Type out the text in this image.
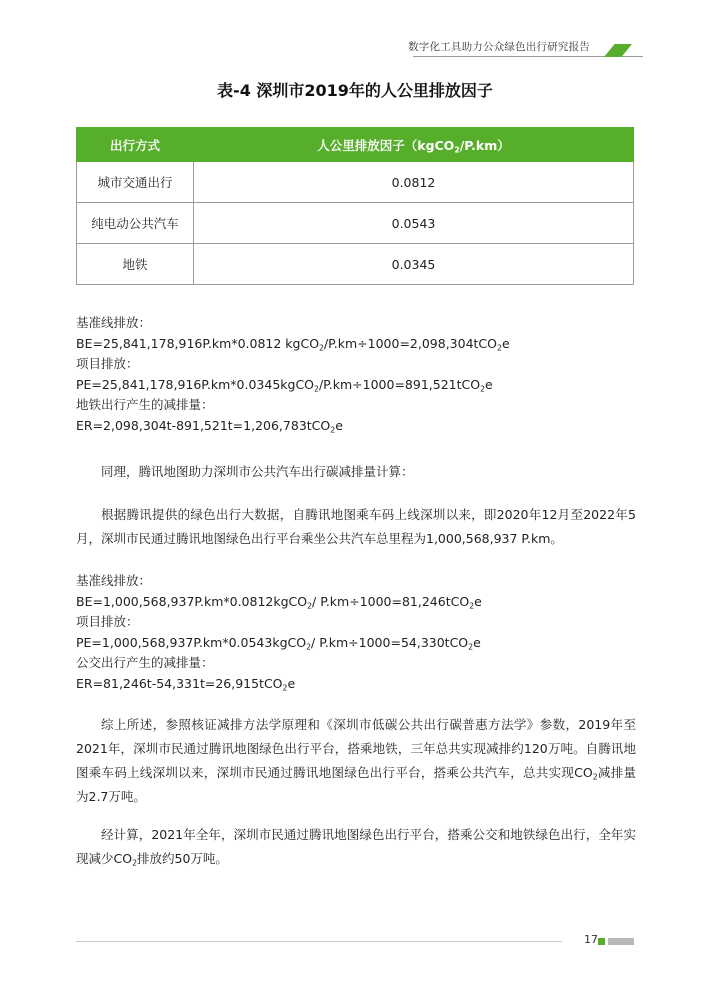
数字化工具助力公众绿色出行研究报告
表-4 深圳市2019年的人公里排放因子
出行方式	人公里排放因子（kgCO$_2$/P.km）
城市交通出行	0.0812
纯电动公共汽车	0.0543
地铁	0.0345

基准线排放：

BE=25,841,178,916P.km*0.0812 kgCO$_2$/P.km÷1000=2,098,304tCO$_2$e

项目排放：

PE=25,841,178,916P.km*0.0345kgCO$_2$/P.km÷1000=891,521tCO$_2$e

地铁出行产生的减排量：

ER=2,098,304t-891,521t=1,206,783tCO$_2$e

同理，腾讯地图助力深圳市公共汽车出行碳减排量计算：
根据腾讯提供的绿色出行大数据，自腾讯地图乘车码上线深圳以来，即2020年12月至2022年5月，深圳市民通过腾讯地图绿色出行平台乘坐公共汽车总里程为1,000,568,937 P.km。

基准线排放：

BE=1,000,568,937P.km*0.0812kgCO$_2$/ P.km÷1000=81,246tCO$_2$e

项目排放：

PE=1,000,568,937P.km*0.0543kgCO$_2$/ P.km÷1000=54,330tCO$_2$e

公交出行产生的减排量：

ER=81,246t-54,331t=26,915tCO$_2$e

综上所述，参照核证减排方法学原理和《深圳市低碳公共出行碳普惠方法学》参数，2019年至2021年，深圳市民通过腾讯地图绿色出行平台，搭乘地铁，三年总共实现减排约120万吨。自腾讯地图乘车码上线深圳以来，深圳市民通过腾讯地图绿色出行平台，搭乘公共汽车，总共实现$CO_2$减排量为2.7万吨。
经计算，2021年全年，深圳市民通过腾讯地图绿色出行平台，搭乘公交和地铁绿色出行，全年实现减少$CO_2$排放约50万吨。
17
